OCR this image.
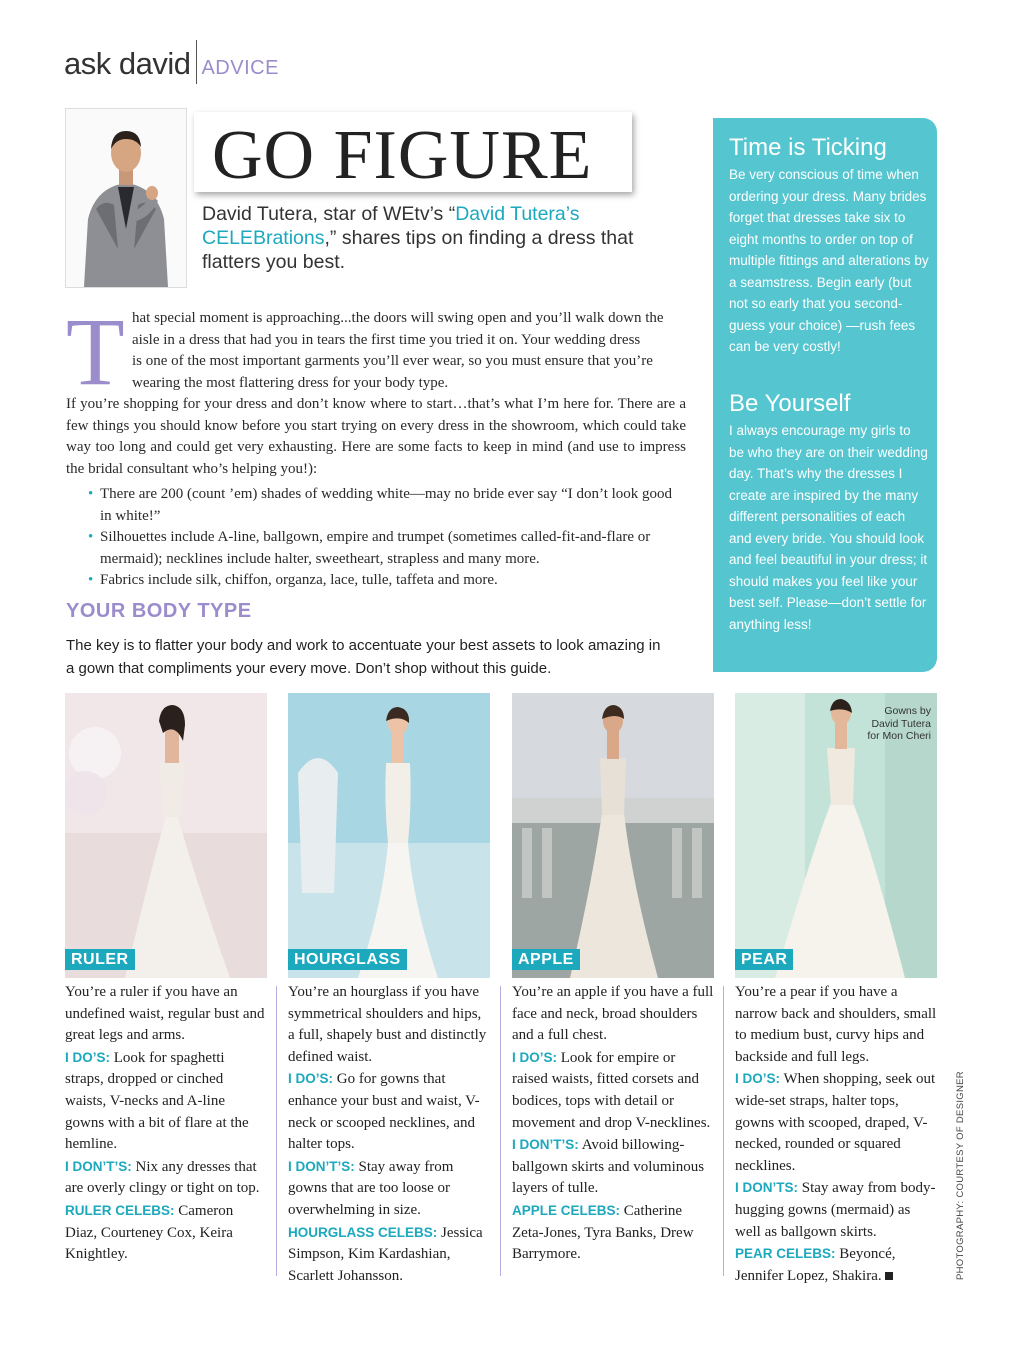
ask david ADVICE
GO FIGURE
David Tutera, star of WEtv’s “David Tutera’s CELEBrations,” shares tips on finding a dress that flatters you best.
T hat special moment is approaching...the doors will swing open and you’ll walk down the
aisle in a dress that had you in tears the first time you tried it on. Your wedding dress
is one of the most important garments you’ll ever wear, so you must ensure that you’re
wearing the most flattering dress for your body type.

If you’re shopping for your dress and don’t know where to start…that’s what I’m here for. There are a few things you should know before you start trying on every dress in the showroom, which could take way too long and could get very exhausting. Here are some facts to keep in mind (and use to impress the bridal consultant who’s helping you!):

• There are 200 (count ’em) shades of wedding white—may no bride ever say “I don’t look good in white!”
• Silhouettes include A-line, ballgown, empire and trumpet (sometimes called-fit-and-flare or mermaid); necklines include halter, sweetheart, strapless and many more.
• Fabrics include silk, chiffon, organza, lace, tulle, taffeta and more.
YOUR BODY TYPE
The key is to flatter your body and work to accentuate your best assets to look amazing in a gown that compliments your every move. Don’t shop without this guide.
Time is Ticking
Be very conscious of time when ordering your dress. Many brides forget that dresses take six to eight months to order on top of multiple fittings and alterations by a seamstress. Begin early (but not so early that you second-guess your choice) —rush fees can be very costly!
Be Yourself
I always encourage my girls to be who they are on their wedding day. That’s why the dresses I create are inspired by the many different personalities of each and every bride. You should look and feel beautiful in your dress; it should makes you feel like your best self. Please—don’t settle for anything less!
RULER	HOURGLASS	APPLE
Gowns by
David Tutera
for Mon Cheri
PEAR

You’re a ruler if you have an undefined waist, regular bust and great legs and arms.

I DO’S: Look for spaghetti straps, dropped or cinched waists, V-necks and A-line gowns with a bit of flare at the hemline.

I DON’T’S: Nix any dresses that are overly clingy or tight on top.

RULER CELEBS: Cameron Diaz, Courteney Cox, Keira Knightley.

You’re an hourglass if you have symmetrical shoulders and hips, a full, shapely bust and distinctly defined waist.

I DO’S: Go for gowns that enhance your bust and waist, V-neck or scooped necklines, and halter tops.

I DON’T’S: Stay away from gowns that are too loose or overwhelming in size.

HOURGLASS CELEBS: Jessica Simpson, Kim Kardashian, Scarlett Johansson.

You’re an apple if you have a full face and neck, broad shoulders and a full chest.

I DO’S: Look for empire or raised waists, fitted corsets and bodices, tops with detail or movement and drop V-necklines.

I DON’T’S: Avoid billowing-ballgown skirts and voluminous layers of tulle.

APPLE CELEBS: Catherine Zeta-Jones, Tyra Banks, Drew Barrymore.

You’re a pear if you have a narrow back and shoulders, small to medium bust, curvy hips and backside and full legs.

I DO’S: When shopping, seek out wide-set straps, halter tops, gowns with scooped, draped, V-necked, rounded or squared necklines.

I DON’TS: Stay away from body-hugging gowns (mermaid) as well as ballgown skirts.

PEAR CELEBS: Beyoncé, Jennifer Lopez, Shakira.	PHOTOGRAPHY: COURTESY OF DESIGNER
